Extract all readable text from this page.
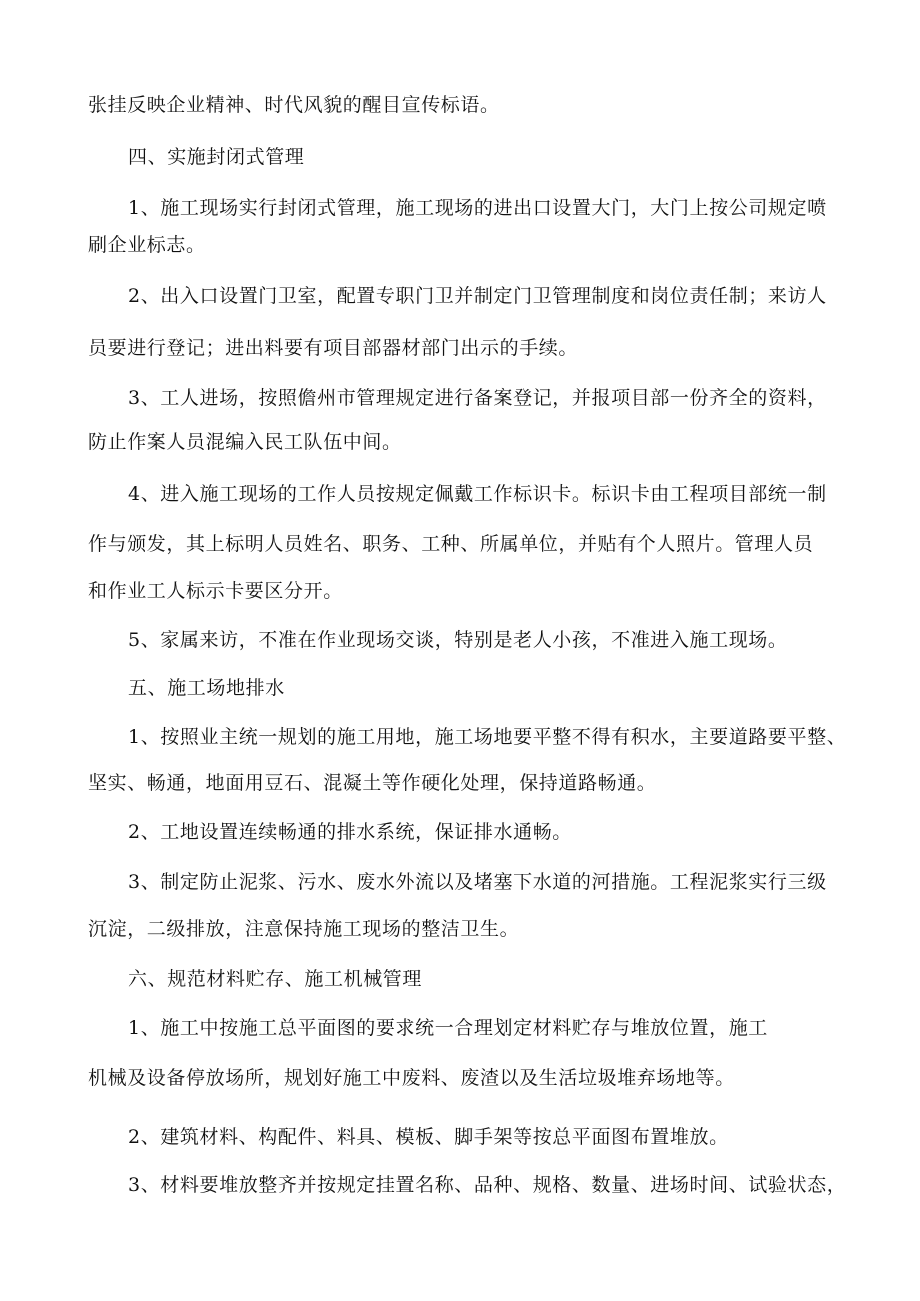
张挂反映企业精神、时代风貌的醒目宣传标语。
四、实施封闭式管理
1、施工现场实行封闭式管理，施工现场的进出口设置大门，大门上按公司规定喷
刷企业标志。
2、出入口设置门卫室，配置专职门卫并制定门卫管理制度和岗位责任制；来访人
员要进行登记；进出料要有项目部器材部门出示的手续。
3、工人进场，按照儋州市管理规定进行备案登记，并报项目部一份齐全的资料，
防止作案人员混编入民工队伍中间。
4、进入施工现场的工作人员按规定佩戴工作标识卡。标识卡由工程项目部统一制
作与颁发，其上标明人员姓名、职务、工种、所属单位，并贴有个人照片。管理人员
和作业工人标示卡要区分开。
5、家属来访，不准在作业现场交谈，特别是老人小孩，不准进入施工现场。
五、施工场地排水
1、按照业主统一规划的施工用地，施工场地要平整不得有积水，主要道路要平整、
坚实、畅通，地面用豆石、混凝土等作硬化处理，保持道路畅通。
2、工地设置连续畅通的排水系统，保证排水通畅。
3、制定防止泥浆、污水、废水外流以及堵塞下水道的河措施。工程泥浆实行三级
沉淀，二级排放，注意保持施工现场的整洁卫生。
六、规范材料贮存、施工机械管理
1、施工中按施工总平面图的要求统一合理划定材料贮存与堆放位置，施工
机械及设备停放场所，规划好施工中废料、废渣以及生活垃圾堆弃场地等。
2、建筑材料、构配件、料具、模板、脚手架等按总平面图布置堆放。
3、材料要堆放整齐并按规定挂置名称、品种、规格、数量、进场时间、试验状态，
